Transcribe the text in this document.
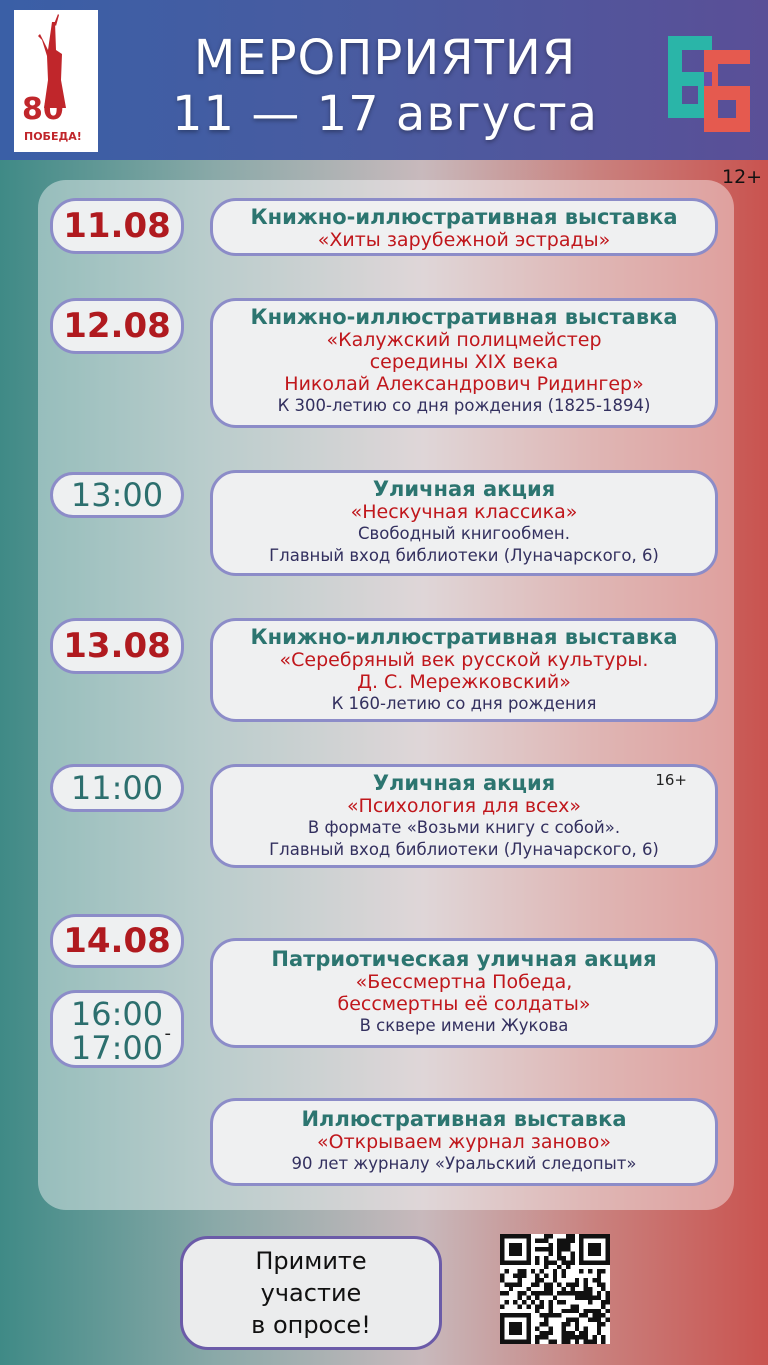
80
ПОБЕДА!
МЕРОПРИЯТИЯ
11 — 17 августа
12+
11.08
12.08
13:00
13.08
11:00
14.08
16:00
17:00 -
Книжно-иллюстративная выставка
«Хиты зарубежной эстрады»
Книжно-иллюстративная выставка
«Калужский полицмейстер
середины XIX века
Николай Александрович Ридингер»
К 300-летию со дня рождения (1825-1894)
Уличная акция
«Нескучная классика»
Свободный книгообмен.
Главный вход библиотеки (Луначарского, 6)
Книжно-иллюстративная выставка
«Серебряный век русской культуры.
Д. С. Мережковский»
К 160-летию со дня рождения
16+
Уличная акция
«Психология для всех»
В формате «Возьми книгу с собой».
Главный вход библиотеки (Луначарского, 6)
Патриотическая уличная акция
«Бессмертна Победа,
бессмертны её солдаты»
В сквере имени Жукова
Иллюстративная выставка
«Открываем журнал заново»
90 лет журналу «Уральский следопыт»
Примите
участие
в опросе!
